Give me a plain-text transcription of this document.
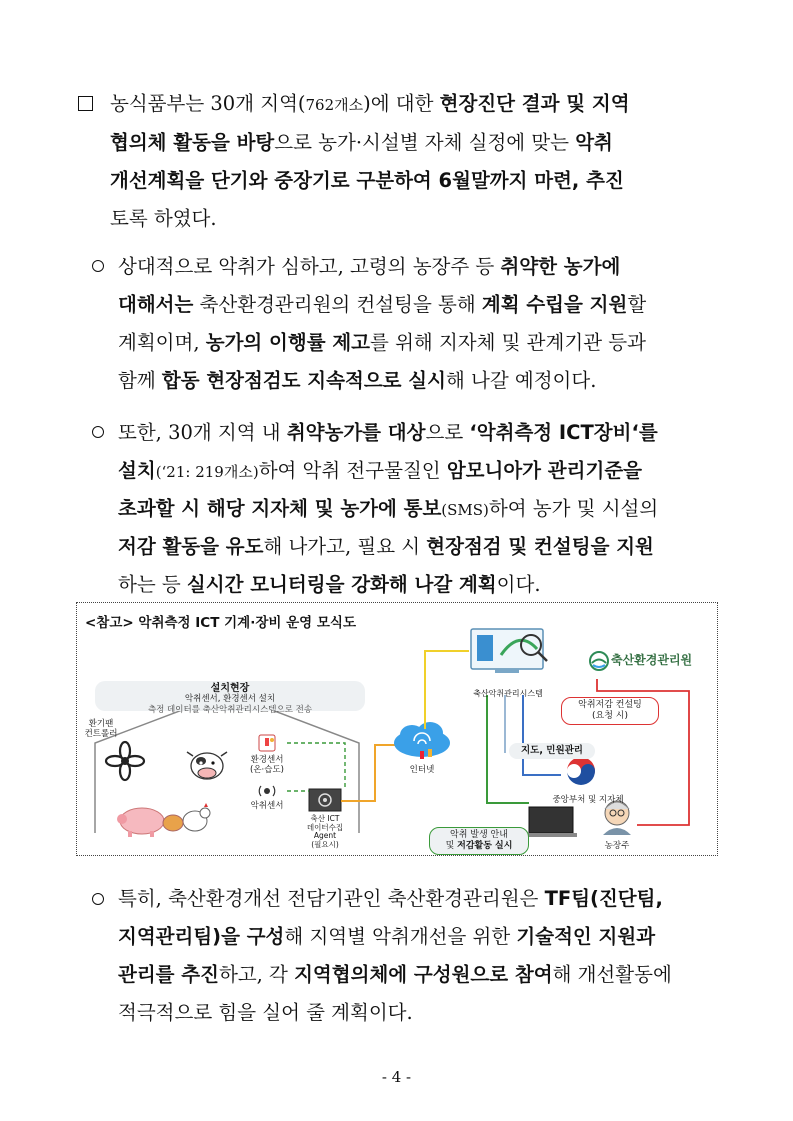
농식품부는 30개 지역(762개소)에 대한 현장진단 결과 및 지역
협의체 활동을 바탕으로 농가·시설별 자체 실정에 맞는 악취
개선계획을 단기와 중장기로 구분하여 6월말까지 마련, 추진
토록 하였다.
상대적으로 악취가 심하고, 고령의 농장주 등 취약한 농가에
대해서는 축산환경관리원의 컨설팅을 통해 계획 수립을 지원할
계획이며, 농가의 이행률 제고를 위해 지자체 및 관계기관 등과
함께 합동 현장점검도 지속적으로 실시해 나갈 예정이다.
또한, 30개 지역 내 취약농가를 대상으로 ‘악취측정 ICT장비‘를
설치(‘21: 219개소)하여 악취 전구물질인 암모니아가 관리기준을
초과할 시 해당 지자체 및 농가에 통보(SMS)하여 농가 및 시설의
저감 활동을 유도해 나가고, 필요 시 현장점검 및 컨설팅을 지원
하는 등 실시간 모니터링을 강화해 나갈 계획이다.
<참고> 악취측정 ICT 기계·장비 운영 모식도
설치현장
악취센서, 환경센서 설치
측정 데이터를 축산악취관리시스템으로 전송
환기팬
컨트롤러
환경센서
(온·습도)
악취센서
축산 ICT
데이터수집
Agent
(필요시)
인터넷
축산악취관리시스템
축산환경관리원
악취저감 컨설팅
(요청 시)
지도, 민원관리
중앙부처 및 지자체
악취 발생 안내
및 저감활동 실시	농장주
특히, 축산환경개선 전담기관인 축산환경관리원은 TF팀(진단팀,
지역관리팀)을 구성해 지역별 악취개선을 위한 기술적인 지원과
관리를 추진하고, 각 지역협의체에 구성원으로 참여해 개선활동에
적극적으로 힘을 실어 줄 계획이다.
- 4 -
